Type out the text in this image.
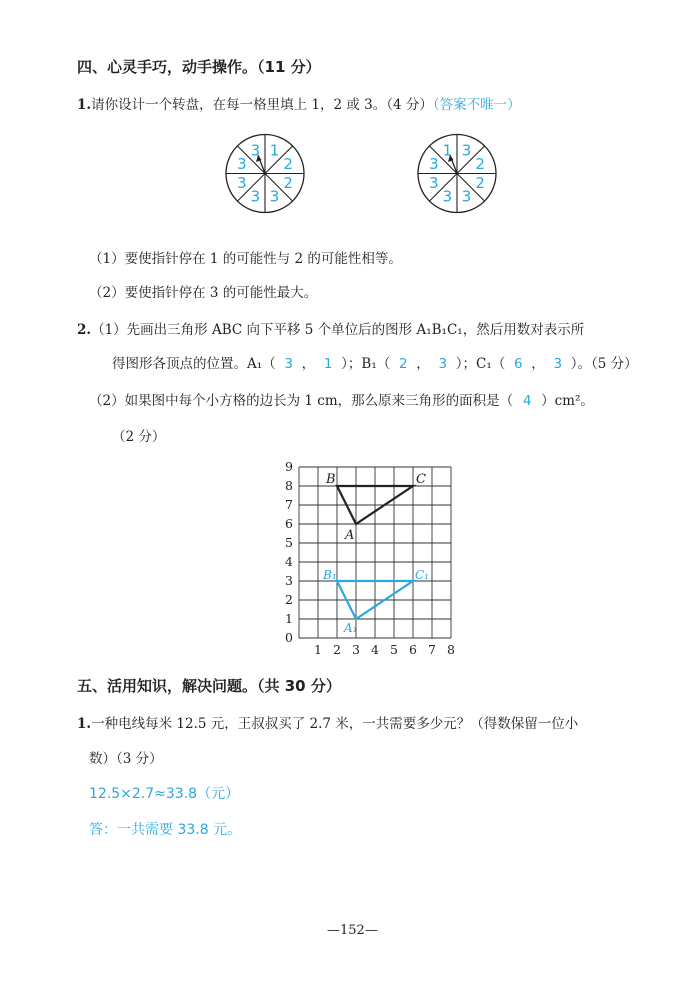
四、心灵手巧，动手操作。（11 分）
1.请你设计一个转盘，在每一格里填上 1，2 或 3。（4 分）（答案不唯一）
1
2
2
3
3
3
3
3	3
2
2
3
3
3
3
1
（1）要使指针停在 1 的可能性与 2 的可能性相等。
（2）要使指针停在 3 的可能性最大。
2.（1）先画出三角形 ABC 向下平移 5 个单位后的图形 A₁B₁C₁，然后用数对表示所
得图形各顶点的位置。A₁（ 3 ， 1 ）；B₁（ 2 ， 3 ）；C₁（ 6 ， 3 ）。（5 分）
（2）如果图中每个小方格的边长为 1 cm，那么原来三角形的面积是（ 4 ）cm²。
（2 分）
1 2 3 4 5 6 7 8
0
1
2
3
4
5
6
7
8
9
B	C
A
B₁	C₁
A₁
五、活用知识，解决问题。（共 30 分）
1.一种电线每米 12.5 元，王叔叔买了 2.7 米，一共需要多少元？（得数保留一位小
数）（3 分）
12.5×2.7≈33.8（元）
答：一共需要 33.8 元。
—152—
